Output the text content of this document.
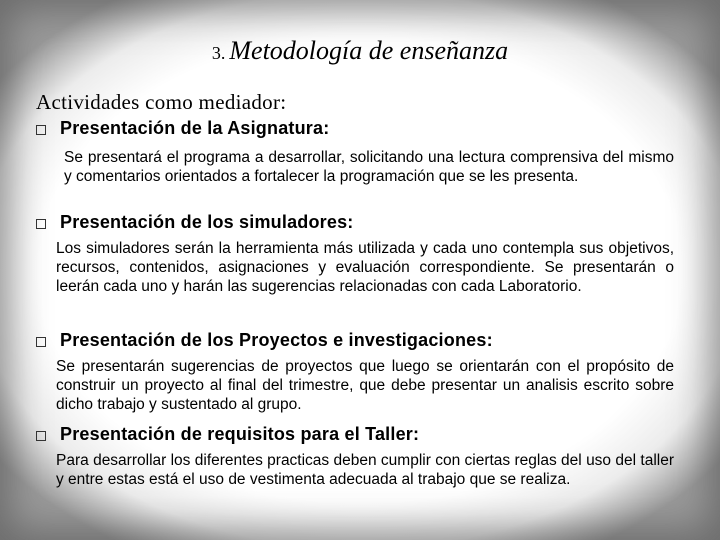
3. Metodología de enseñanza
Actividades como mediador:
Presentación de la Asignatura:
Se presentará el programa a desarrollar, solicitando una lectura comprensiva del mismo y comentarios orientados a fortalecer la programación que se les presenta.
Presentación de los simuladores:
Los simuladores serán la herramienta más utilizada y cada uno contempla sus objetivos, recursos, contenidos, asignaciones y evaluación correspondiente. Se presentarán o leerán cada uno y harán las sugerencias relacionadas con cada Laboratorio.
Presentación de los Proyectos e investigaciones:
Se presentarán sugerencias de proyectos que luego se orientarán con el propósito de construir un proyecto al final del trimestre, que debe presentar un analisis escrito sobre dicho trabajo y sustentado al grupo.
Presentación de requisitos para el Taller:
Para desarrollar los diferentes practicas deben cumplir con ciertas reglas del uso del taller y entre estas está el uso de vestimenta adecuada al trabajo que se realiza.
